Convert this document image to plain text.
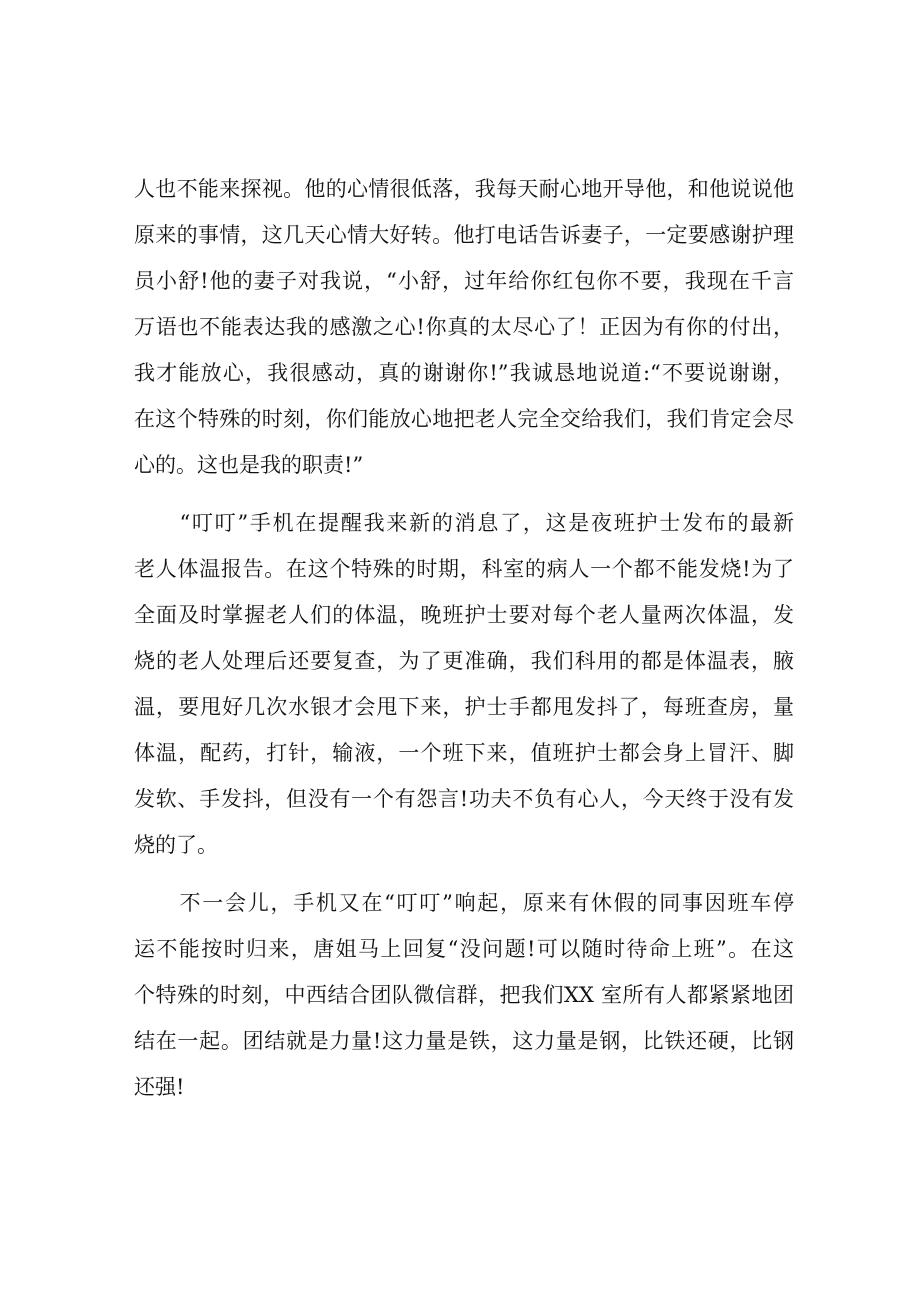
人也不能来探视。他的心情很低落，我每天耐心地开导他，和他说说他
原来的事情，这几天心情大好转。他打电话告诉妻子，一定要感谢护理
员小舒!他的妻子对我说，“小舒，过年给你红包你不要，我现在千言
万语也不能表达我的感激之心!你真的太尽心了！正因为有你的付出，
我才能放心，我很感动，真的谢谢你!”我诚恳地说道:“不要说谢谢，
在这个特殊的时刻，你们能放心地把老人完全交给我们，我们肯定会尽
心的。这也是我的职责!”
　　“叮叮”手机在提醒我来新的消息了，这是夜班护士发布的最新
老人体温报告。在这个特殊的时期，科室的病人一个都不能发烧!为了
全面及时掌握老人们的体温，晚班护士要对每个老人量两次体温，发
烧的老人处理后还要复查，为了更准确，我们科用的都是体温表，腋
温，要甩好几次水银才会甩下来，护士手都甩发抖了，每班查房，量
体温，配药，打针，输液，一个班下来，值班护士都会身上冒汗、脚
发软、手发抖，但没有一个有怨言!功夫不负有心人，今天终于没有发
烧的了。
　　不一会儿，手机又在“叮叮”响起，原来有休假的同事因班车停
运不能按时归来，唐姐马上回复“没问题!可以随时待命上班”。在这
个特殊的时刻，中西结合团队微信群，把我们XX 室所有人都紧紧地团
结在一起。团结就是力量!这力量是铁，这力量是钢，比铁还硬，比钢
还强!
